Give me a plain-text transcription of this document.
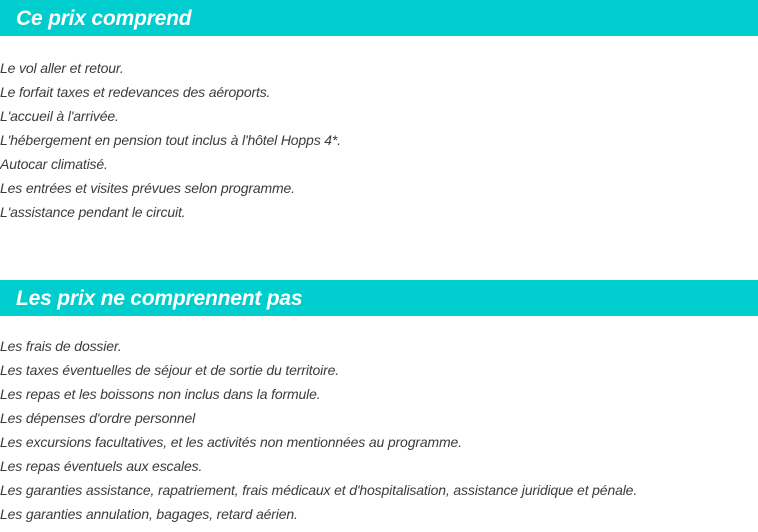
Ce prix comprend
Le vol aller et retour.
Le forfait taxes et redevances des aéroports.
L'accueil à l'arrivée.
L'hébergement en pension tout inclus à l'hôtel Hopps 4*.
Autocar climatisé.
Les entrées et visites prévues selon programme.
L'assistance pendant le circuit.
Les prix ne comprennent pas
Les frais de dossier.
Les taxes éventuelles de séjour et de sortie du territoire.
Les repas et les boissons non inclus dans la formule.
Les dépenses d'ordre personnel
Les excursions facultatives, et les activités non mentionnées au programme.
Les repas éventuels aux escales.
Les garanties assistance, rapatriement, frais médicaux et d'hospitalisation, assistance juridique et pénale.
Les garanties annulation, bagages, retard aérien.
